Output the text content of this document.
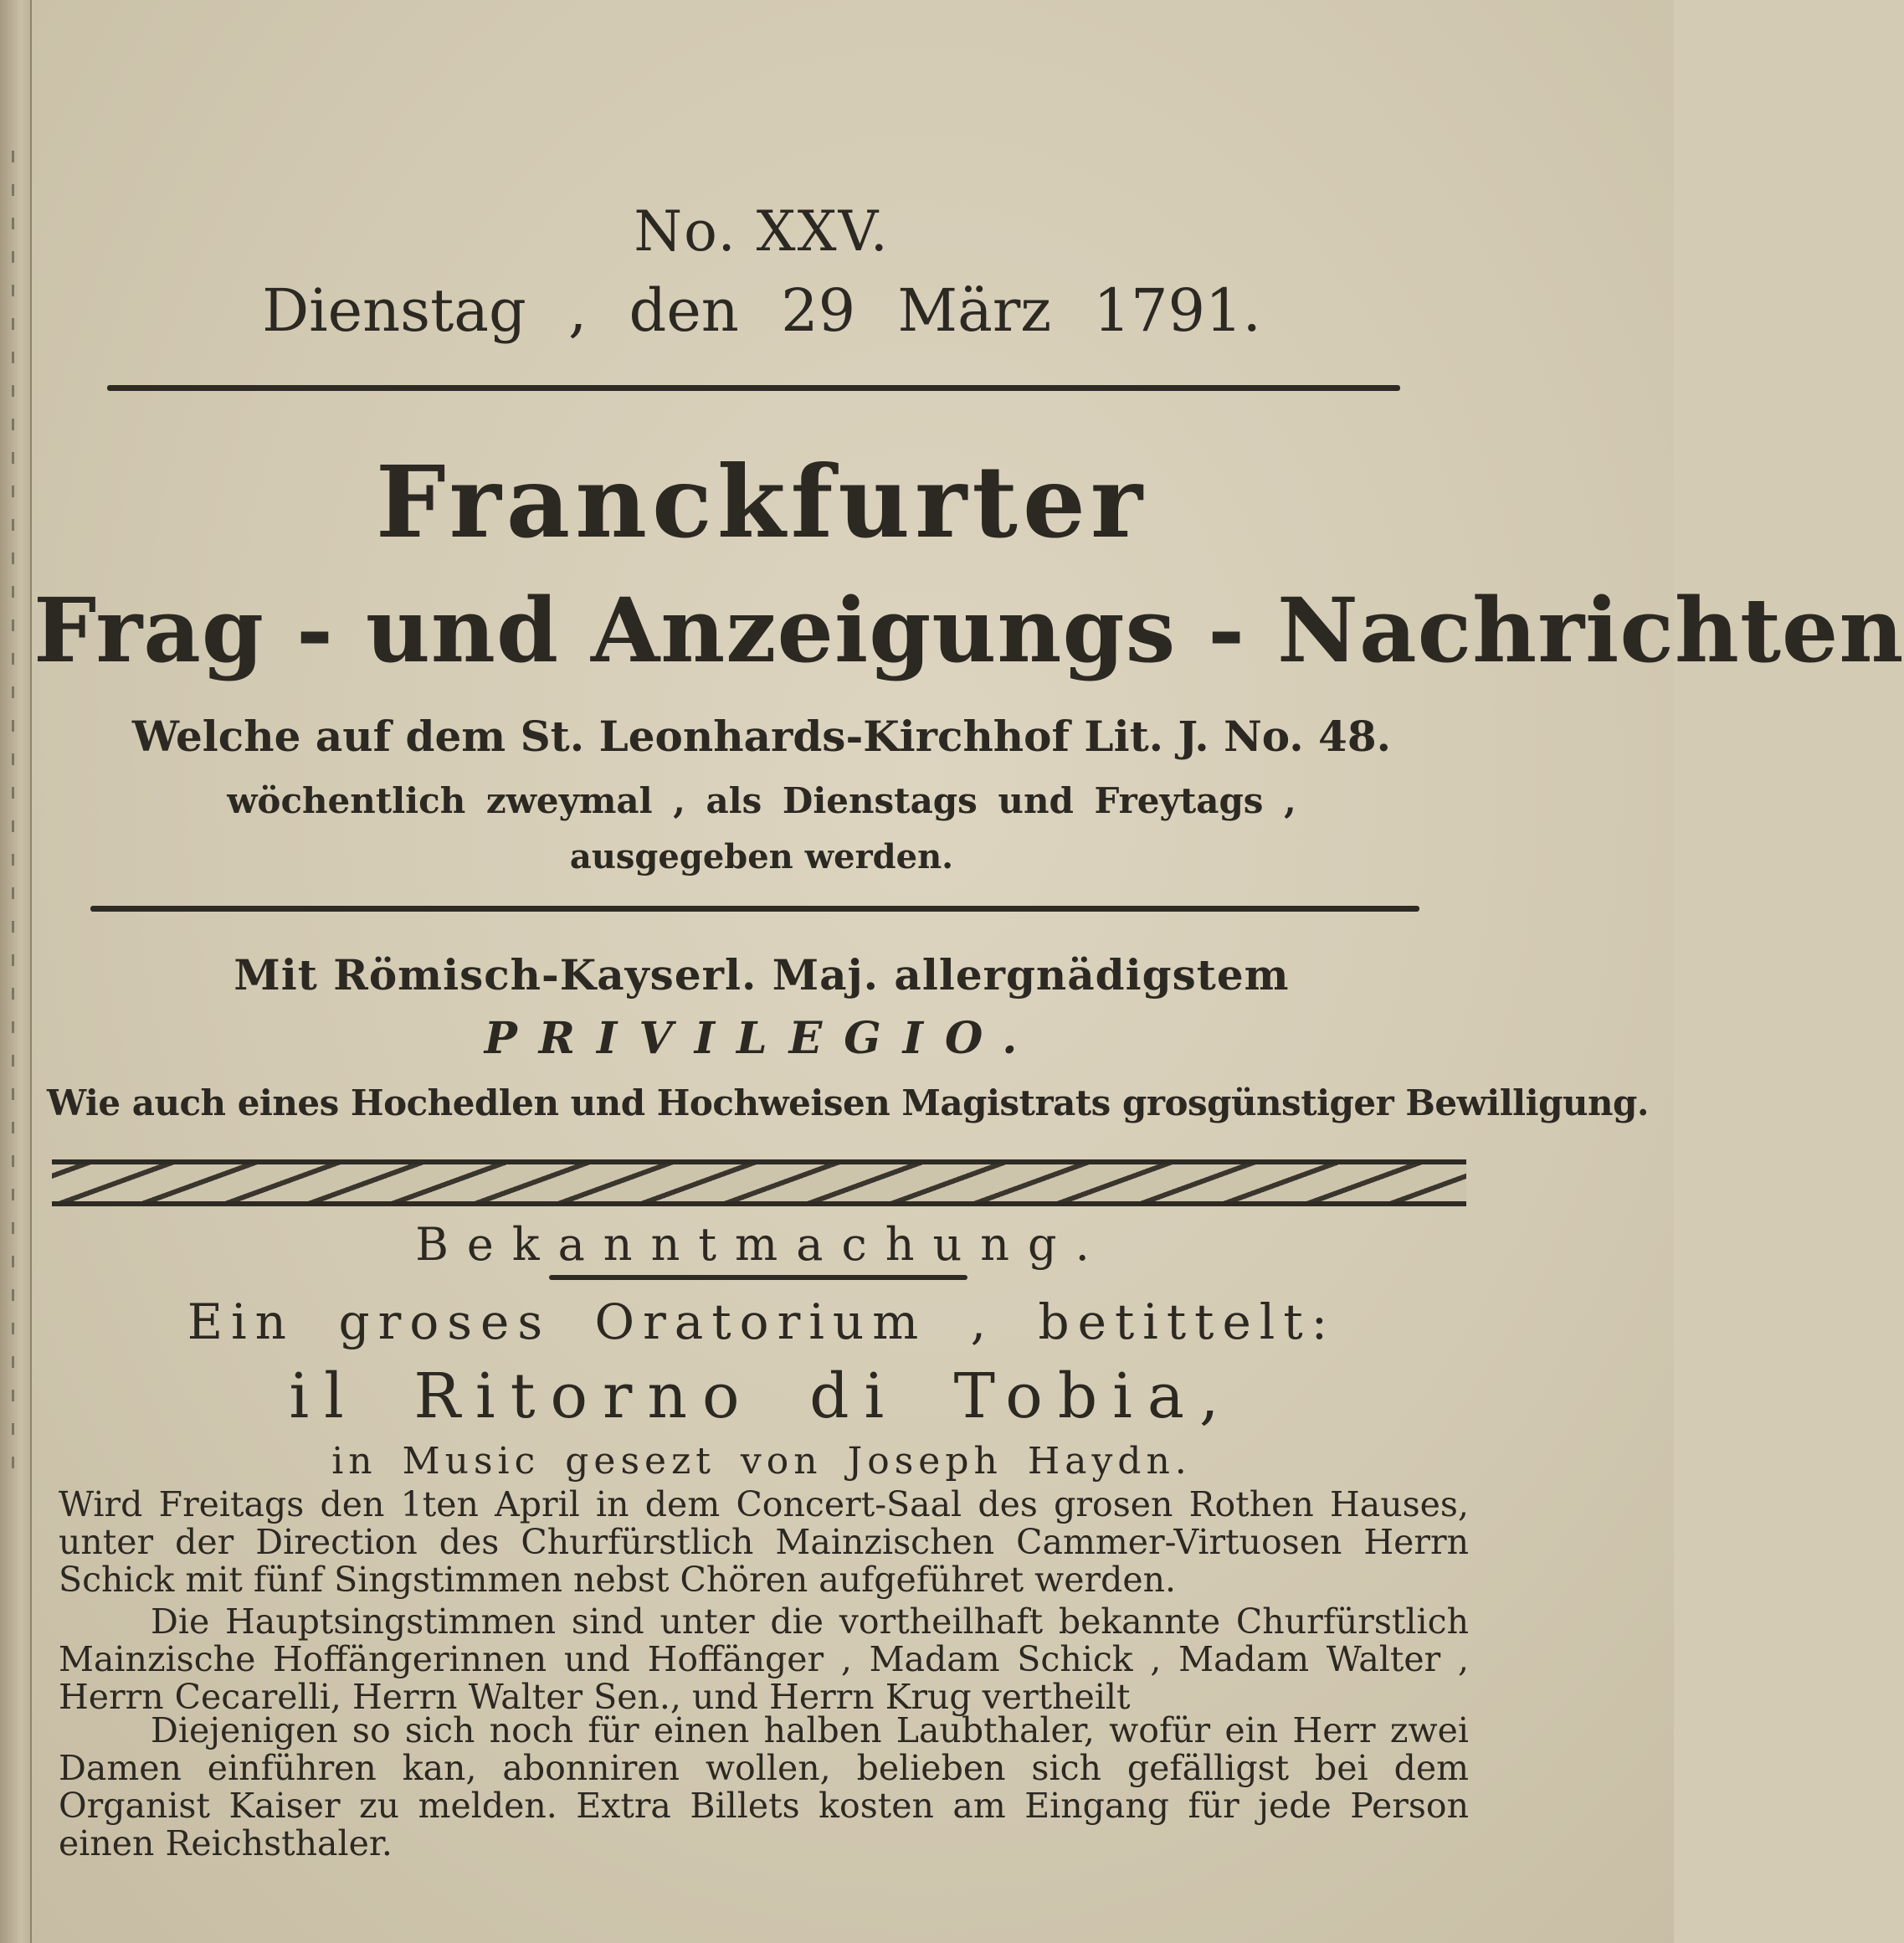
No. XXV.
Dienstag , den 29 März 1791.
Franckfurter
Frag - und Anzeigungs - Nachrichten
Welche auf dem St. Leonhards-Kirchhof Lit. J. No. 48.
wöchentlich zweymal , als Dienstags und Freytags ,
ausgegeben werden.
Mit Römisch-Kayserl. Maj. allergnädigstem
PRIVILEGIO.
Wie auch eines Hochedlen und Hochweisen Magistrats grosgünstiger Bewilligung.
Bekanntmachung.
Ein groses Oratorium , betittelt:
il Ritorno di Tobia,
in Music gesezt von Joseph Haydn.

Wird Freitags den 1ten April in dem Concert-Saal des grosen Rothen Hauses, unter der Direction des Churfürstlich Mainzischen Cammer-Virtuosen Herrn Schick mit fünf Singstimmen nebst Chören aufgeführet werden.

Die Hauptsingstimmen sind unter die vortheilhaft bekannte Churfürstlich Mainzische Hoffängerinnen und Hoffänger , Madam Schick , Madam Walter , Herrn Cecarelli, Herrn Walter Sen., und Herrn Krug vertheilt

Diejenigen so sich noch für einen halben Laubthaler, wofür ein Herr zwei Damen einführen kan, abonniren wollen, belieben sich gefälligst bei dem Organist Kaiser zu melden. Extra Billets kosten am Eingang für jede Person einen Reichsthaler.
